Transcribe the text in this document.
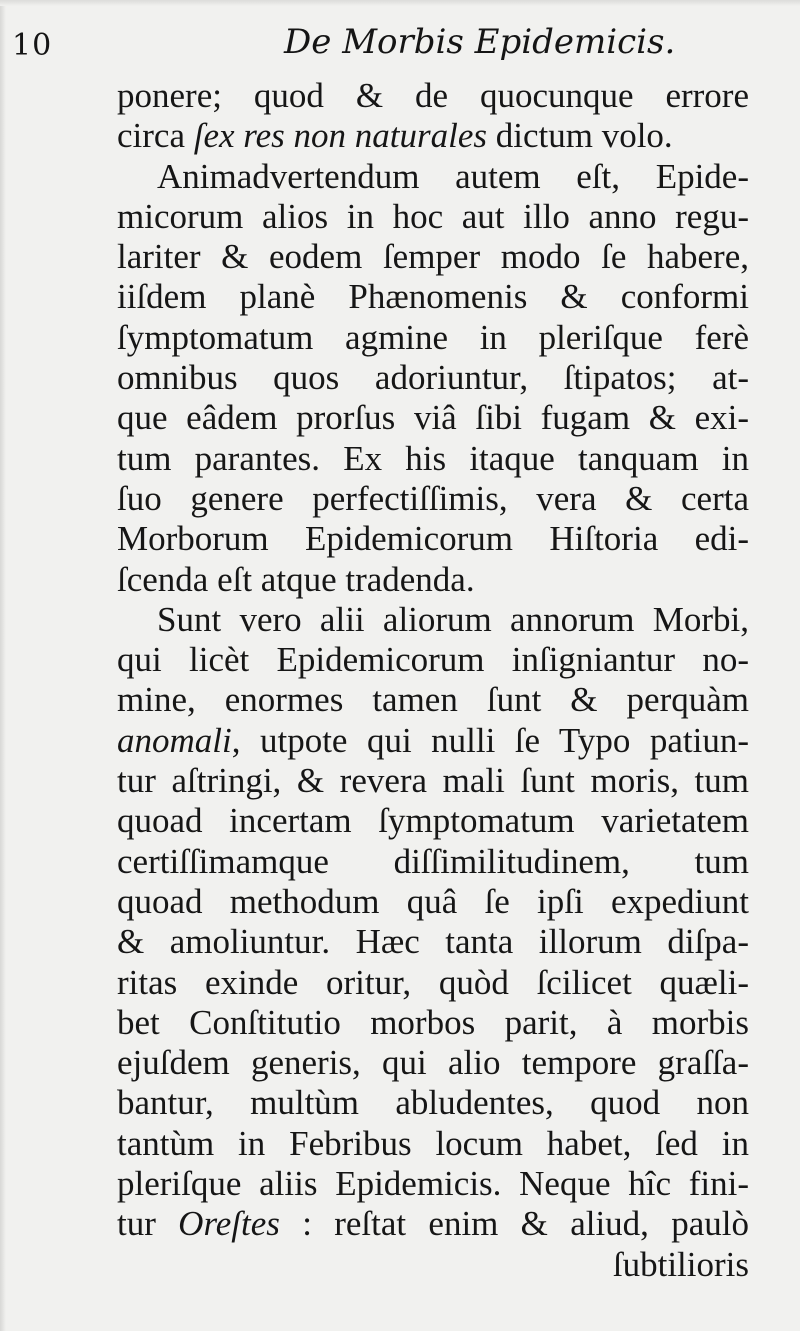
10	De Morbis Epidemicis.
ponere; quod & de quocunque errore
circa ſex res non naturales dictum volo.
Animadvertendum autem eſt, Epide-
micorum alios in hoc aut illo anno regu-
lariter & eodem ſemper modo ſe habere,
iiſdem planè Phænomenis & conformi
ſymptomatum agmine in pleriſque ferè
omnibus quos adoriuntur, ſtipatos; at-
que eâdem prorſus viâ ſibi fugam & exi-
tum parantes. Ex his itaque tanquam in
ſuo genere perfectiſſimis, vera & certa
Morborum Epidemicorum Hiſtoria edi-
ſcenda eſt atque tradenda.
Sunt vero alii aliorum annorum Morbi,
qui licèt Epidemicorum inſigniantur no-
mine, enormes tamen ſunt & perquàm
anomali, utpote qui nulli ſe Typo patiun-
tur aſtringi, & revera mali ſunt moris, tum
quoad incertam ſymptomatum varietatem
certiſſimamque diſſimilitudinem, tum
quoad methodum quâ ſe ipſi expediunt
& amoliuntur. Hæc tanta illorum diſpa-
ritas exinde oritur, quòd ſcilicet quæli-
bet Conſtitutio morbos parit, à morbis
ejuſdem generis, qui alio tempore graſſa-
bantur, multùm abludentes, quod non
tantùm in Febribus locum habet, ſed in
pleriſque aliis Epidemicis. Neque hîc fini-
tur Oreſtes : reſtat enim & aliud, paulò
ſubtilioris
